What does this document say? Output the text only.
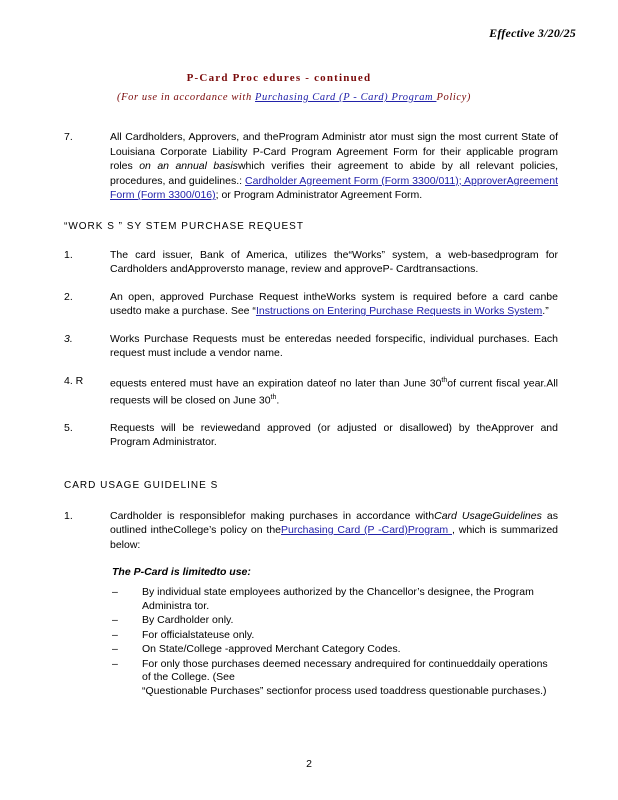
Effective 3/20/25
P-Card Proc edures - continued
(For use in accordance with Purchasing Card (P - Card) Program Policy)
7.	All Cardholders, Approvers, and theProgram Administr ator must sign the most current State of Louisiana Corporate Liability P-Card Program Agreement Form for their applicable program roles on an annual basiswhich verifies their agreement to abide by all relevant policies, procedures, and guidelines.: Cardholder Agreement Form (Form 3300/011); ApproverAgreement Form (Form 3300/016); or Program Administrator Agreement Form.
“WORK S ” SY STEM PURCHASE REQUEST
1.	The card issuer, Bank of America, utilizes the“Works” system, a web-basedprogram for Cardholders andApproversto manage, review and approveP- Cardtransactions.
2.	An open, approved Purchase Request intheWorks system is required before a card canbe usedto make a purchase. See “Instructions on Entering Purchase Requests in Works System.”
3.	Works Purchase Requests must be enteredas needed forspecific, individual purchases. Each request must include a vendor name.
4. R	equests entered must have an expiration dateof no later than June 30thof current fiscal year.All requests will be closed on June 30th.
5.	Requests will be reviewedand approved (or adjusted or disallowed) by theApprover and Program Administrator.
CARD USAGE GUIDELINE S
1.	Cardholder is responsiblefor making purchases in accordance withCard UsageGuidelines as outlined intheCollege’s policy on thePurchasing Card (P -Card)Program , which is summarized below:
The P-Card is limitedto use:
–	By individual state employees authorized by the Chancellor’s designee, the Program
Administra tor.
–	By Cardholder only.
–	For officialstateuse only.
–	On State/College -approved Merchant Category Codes.
–	For only those purchases deemed necessary andrequired for continueddaily operations of the College. (See
“Questionable Purchases” sectionfor process used toaddress questionable purchases.)
2
